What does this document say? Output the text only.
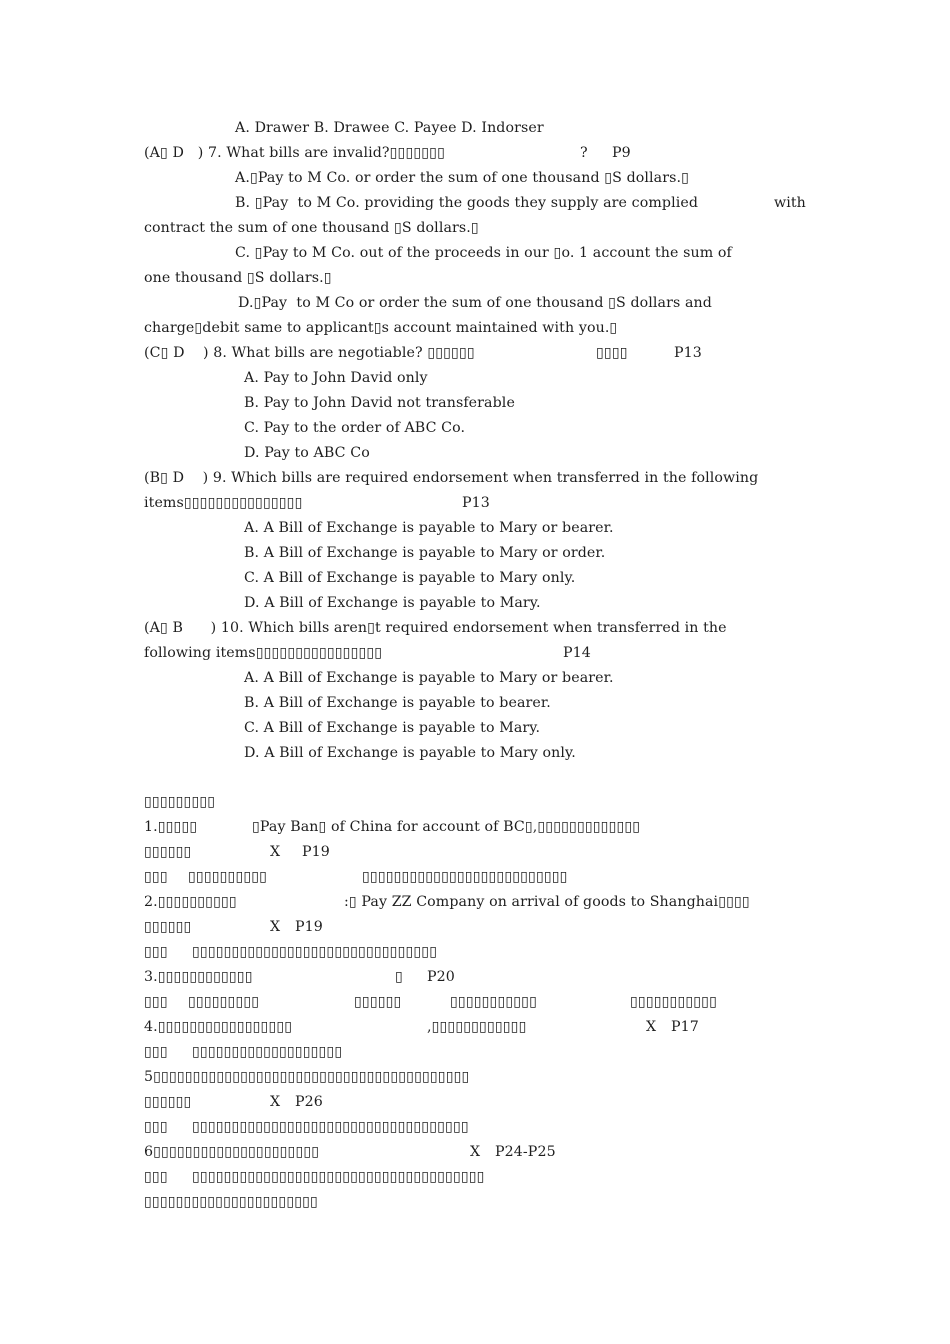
A. Drawer B. Drawee C. Payee D. Indorser

(A▯ D   ) 7. What bills are invalid?▯▯▯▯▯▯▯

	?

P9

A.▯Pay to M Co. or order the sum of one thousand ▯S dollars.▯

B. ▯Pay  to M Co. providing the goods they supply are complied

	with

contract the sum of one thousand ▯S dollars.▯

C. ▯Pay to M Co. out of the proceeds in our ▯o. 1 account the sum of

one thousand ▯S dollars.▯

D.▯Pay  to M Co or order the sum of one thousand ▯S dollars and

charge▯debit same to applicant▯s account maintained with you.▯

(C▯ D    ) 8. What bills are negotiable? ▯▯▯▯▯▯

	▯▯▯▯

	P13

A. Pay to John David only

B. Pay to John David not transferable

C. Pay to the order of ABC Co.

D. Pay to ABC Co

(B▯ D    ) 9. Which bills are required endorsement when transferred in the following

items▯▯▯▯▯▯▯▯▯▯▯▯▯▯▯

	P13

A. A Bill of Exchange is payable to Mary or bearer.

B. A Bill of Exchange is payable to Mary or order.

C. A Bill of Exchange is payable to Mary only.

D. A Bill of Exchange is payable to Mary.

(A▯ B      ) 10. Which bills aren▯t required endorsement when transferred in the

following items▯▯▯▯▯▯▯▯▯▯▯▯▯▯▯▯

	P14

A. A Bill of Exchange is payable to Mary or bearer.

B. A Bill of Exchange is payable to bearer.

C. A Bill of Exchange is payable to Mary.

D. A Bill of Exchange is payable to Mary only.

▯▯▯▯▯▯▯▯▯

1.▯▯▯▯▯

	▯Pay Ban▯ of China for account of BC▯,▯▯▯▯▯▯▯▯▯▯▯▯▯

▯▯▯▯▯▯

	X

P19

▯▯▯

▯▯▯▯▯▯▯▯▯▯

	▯▯▯▯▯▯▯▯▯▯▯▯▯▯▯▯▯▯▯▯▯▯▯▯▯▯

2.▯▯▯▯▯▯▯▯▯▯

	:▯ Pay ZZ Company on arrival of goods to Shanghai▯▯▯▯

▯▯▯▯▯▯

	X

P19

▯▯▯

▯▯▯▯▯▯▯▯▯▯▯▯▯▯▯▯▯▯▯▯▯▯▯▯▯▯▯▯▯▯▯

3.▯▯▯▯▯▯▯▯▯▯▯▯

	▯

P20

▯▯▯

▯▯▯▯▯▯▯▯▯

	▯▯▯▯▯▯

	▯▯▯▯▯▯▯▯▯▯▯

	▯▯▯▯▯▯▯▯▯▯▯

4.▯▯▯▯▯▯▯▯▯▯▯▯▯▯▯▯▯

	,▯▯▯▯▯▯▯▯▯▯▯▯

	X

P17

▯▯▯

▯▯▯▯▯▯▯▯▯▯▯▯▯▯▯▯▯▯▯

5▯▯▯▯▯▯▯▯▯▯▯▯▯▯▯▯▯▯▯▯▯▯▯▯▯▯▯▯▯▯▯▯▯▯▯▯▯▯▯▯

▯▯▯▯▯▯

	X

P26

▯▯▯

▯▯▯▯▯▯▯▯▯▯▯▯▯▯▯▯▯▯▯▯▯▯▯▯▯▯▯▯▯▯▯▯▯▯▯

6▯▯▯▯▯▯▯▯▯▯▯▯▯▯▯▯▯▯▯▯▯

	X

P24-P25

▯▯▯

▯▯▯▯▯▯▯▯▯▯▯▯▯▯▯▯▯▯▯▯▯▯▯▯▯▯▯▯▯▯▯▯▯▯▯▯▯

▯▯▯▯▯▯▯▯▯▯▯▯▯▯▯▯▯▯▯▯▯▯
